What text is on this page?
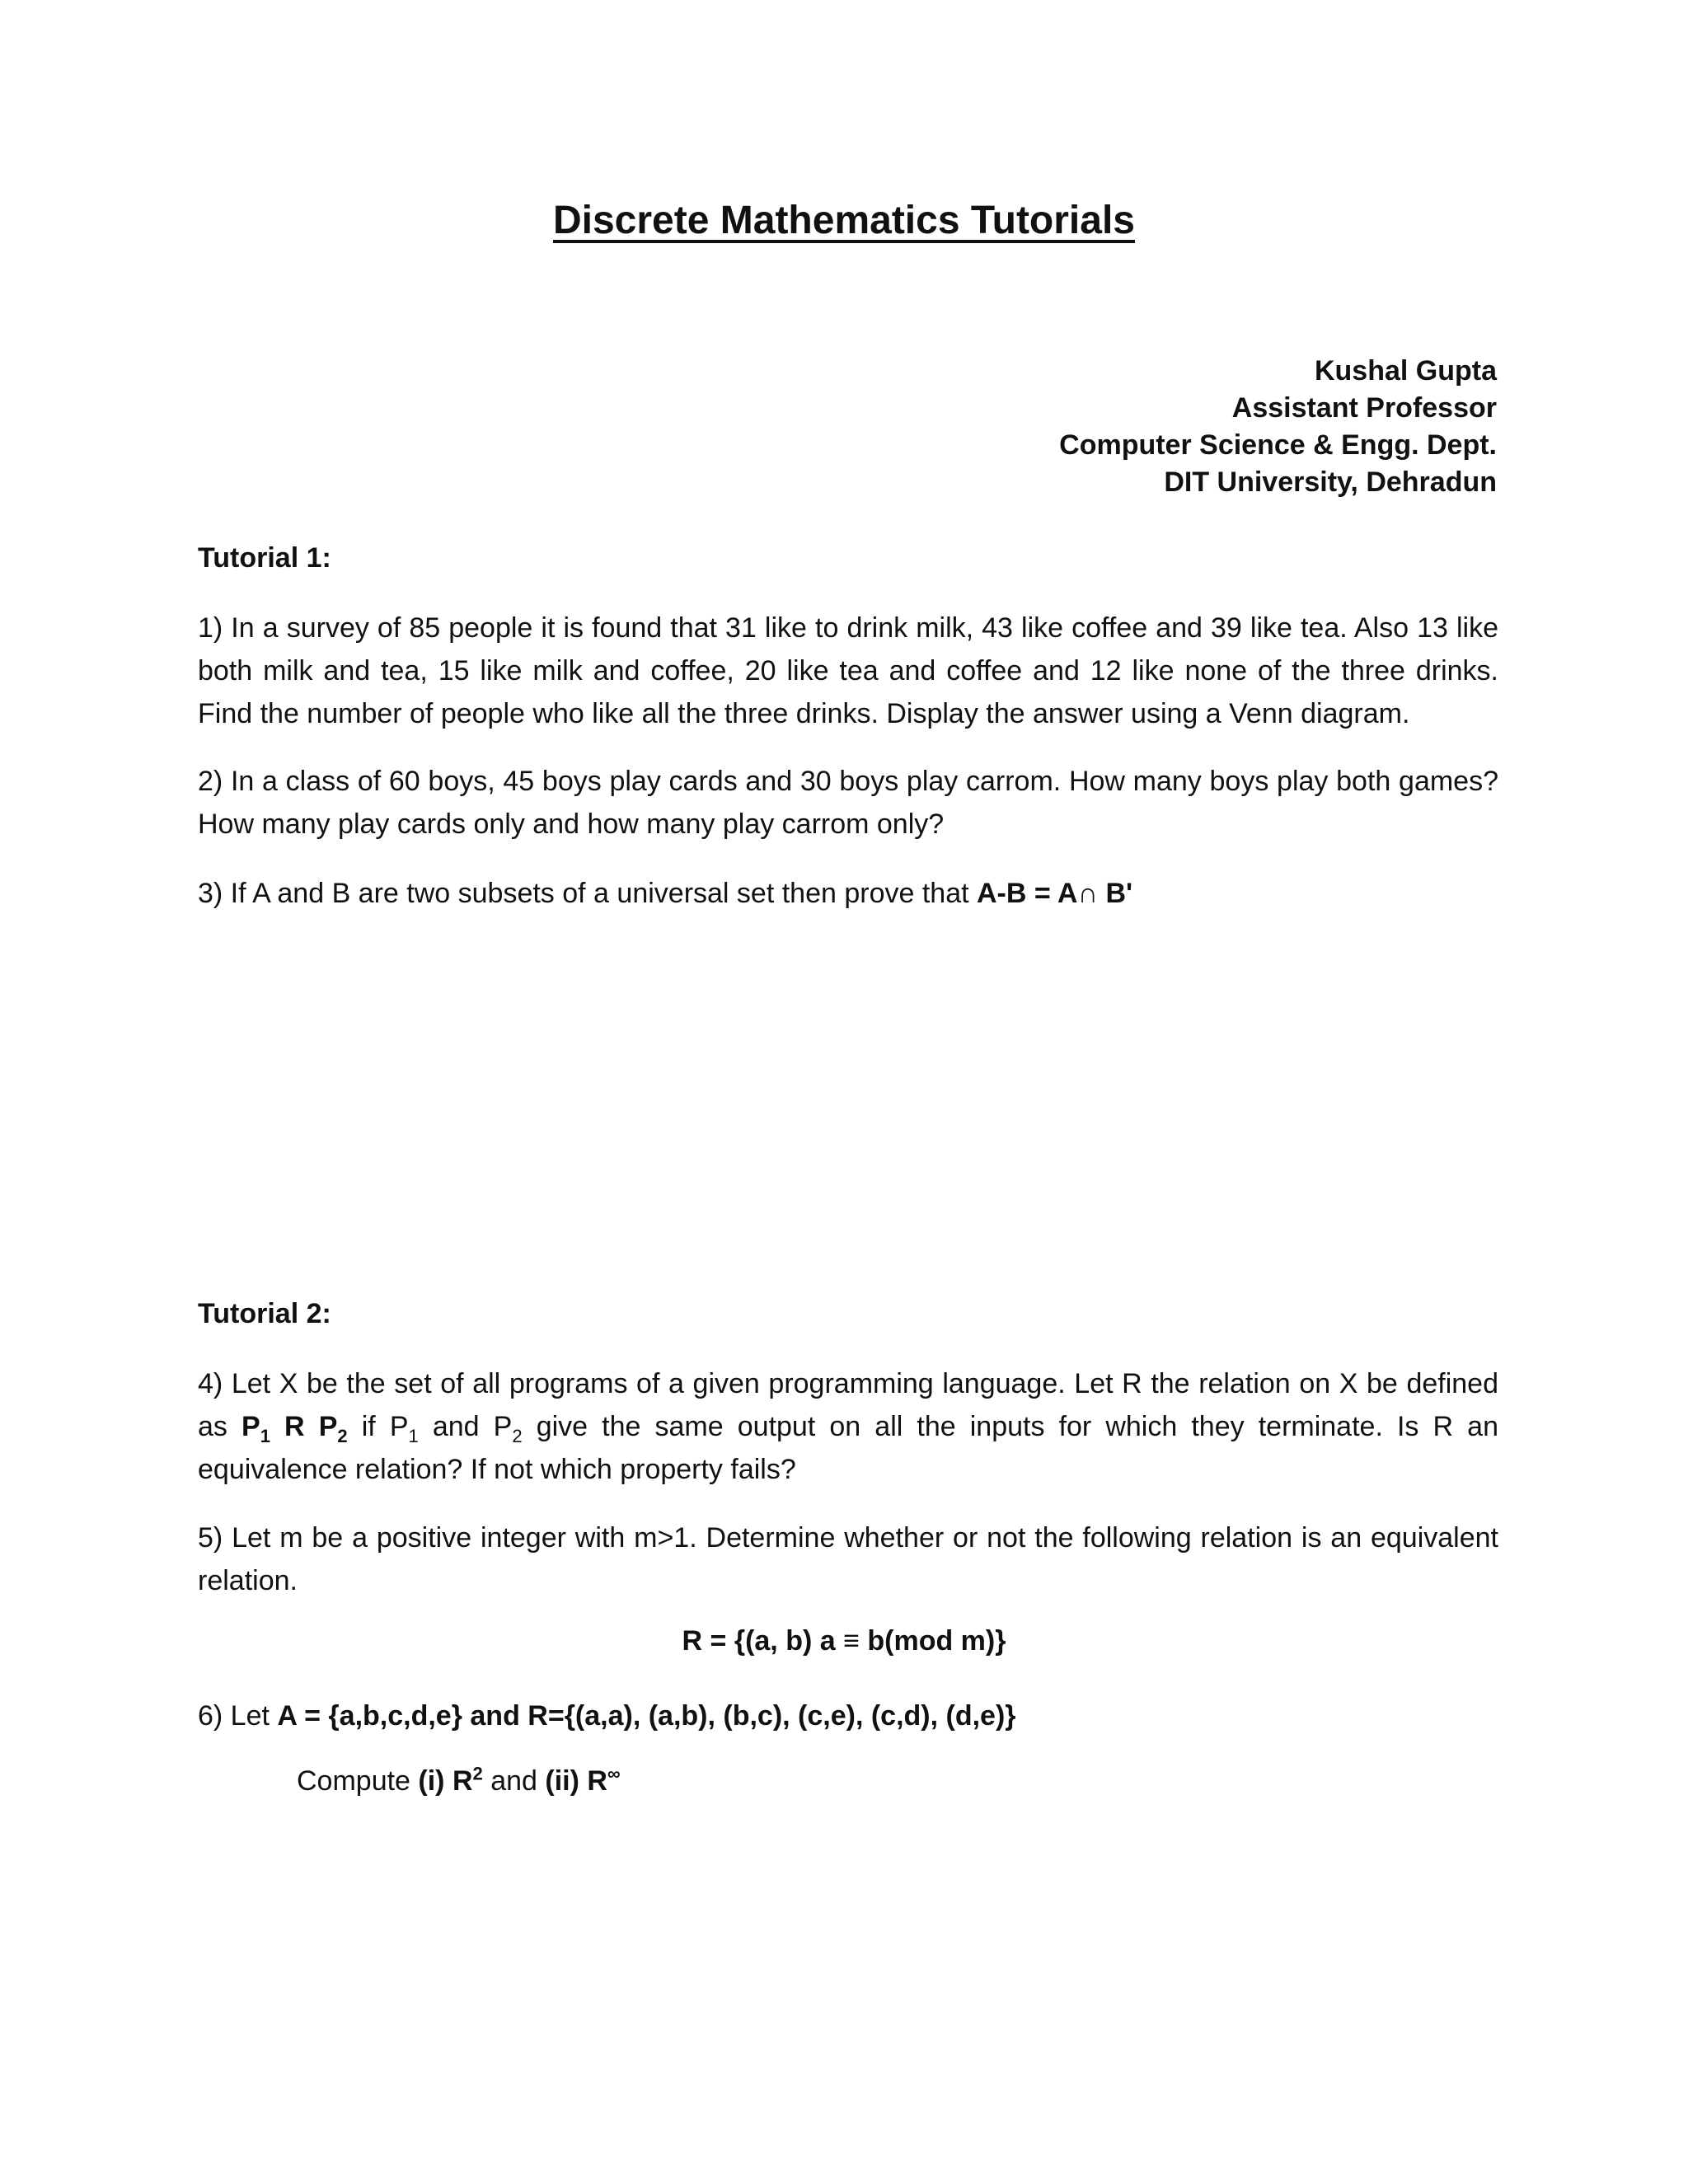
Discrete Mathematics Tutorials
Kushal Gupta
Assistant Professor
Computer Science & Engg. Dept.
DIT University, Dehradun
Tutorial 1:
1) In a survey of 85 people it is found that 31 like to drink milk, 43 like coffee and 39 like tea. Also 13 like both milk and tea, 15 like milk and coffee, 20 like tea and coffee and 12 like none of the three drinks. Find the number of people who like all the three drinks. Display the answer using a Venn diagram.
2) In a class of 60 boys, 45 boys play cards and 30 boys play carrom. How many boys play both games? How many play cards only and how many play carrom only?
3) If A and B are two subsets of a universal set then prove that A-B = A∩ B'
Tutorial 2:
4) Let X be the set of all programs of a given programming language. Let R the relation on X be defined as $P_1$ R $P_2$ if $P_1$ and $P_2$ give the same output on all the inputs for which they terminate. Is R an equivalence relation? If not which property fails?
5) Let m be a positive integer with m>1. Determine whether or not the following relation is an equivalent relation.
R = {(a, b) a ≡ b(mod m)}
6) Let A = {a,b,c,d,e} and R={(a,a), (a,b), (b,c), (c,e), (c,d), (d,e)}
Compute (i) $R^2$ and (ii) R∞
